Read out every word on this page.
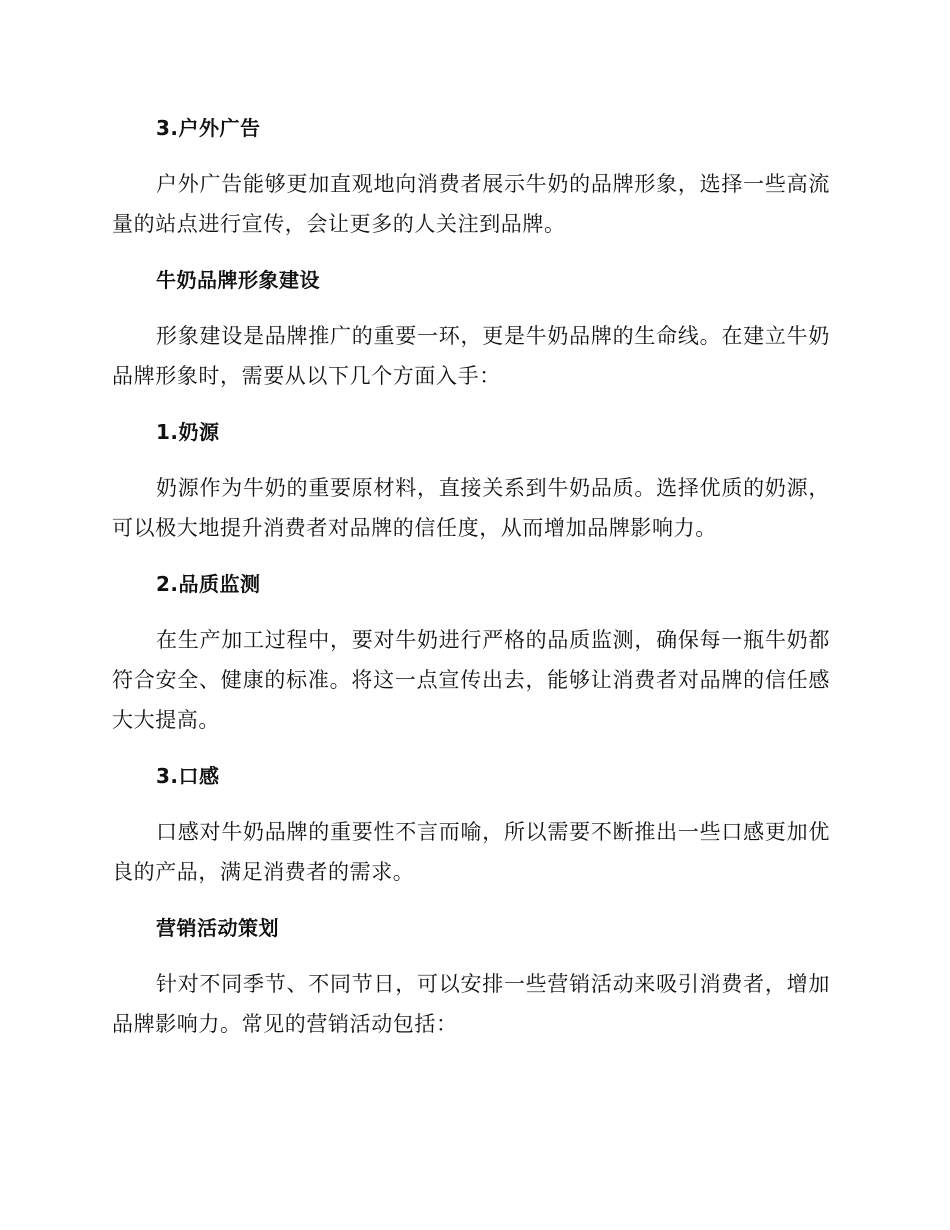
3.户外广告

户外广告能够更加直观地向消费者展示牛奶的品牌形象，选择一些高流量的站点进行宣传，会让更多的人关注到品牌。

牛奶品牌形象建设

形象建设是品牌推广的重要一环，更是牛奶品牌的生命线。在建立牛奶品牌形象时，需要从以下几个方面入手：

1.奶源

奶源作为牛奶的重要原材料，直接关系到牛奶品质。选择优质的奶源，可以极大地提升消费者对品牌的信任度，从而增加品牌影响力。

2.品质监测

在生产加工过程中，要对牛奶进行严格的品质监测，确保每一瓶牛奶都符合安全、健康的标准。将这一点宣传出去，能够让消费者对品牌的信任感大大提高。

3.口感

口感对牛奶品牌的重要性不言而喻，所以需要不断推出一些口感更加优良的产品，满足消费者的需求。

营销活动策划

针对不同季节、不同节日，可以安排一些营销活动来吸引消费者，增加品牌影响力。常见的营销活动包括：
